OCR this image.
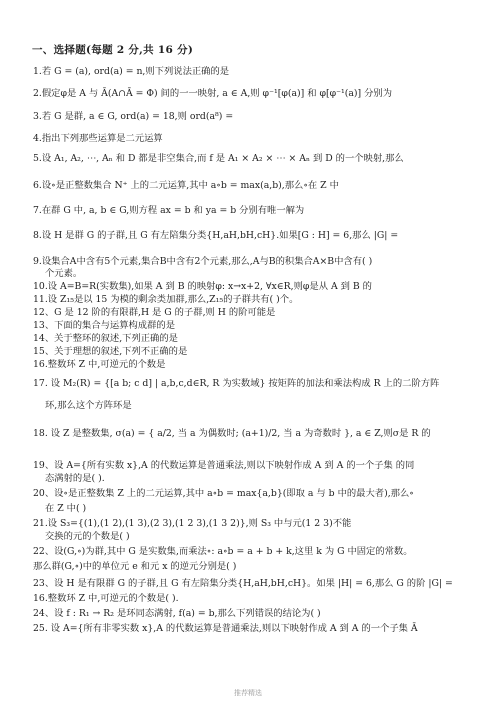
一、选择题(每题 2 分,共 16 分)
1.若 G = (a), ord(a) = n,则下列说法正确的是
2.假定φ是 A 与 Ā(A∩Ā = Φ) 间的一一映射, a ∈ A,则 φ⁻¹[φ(a)] 和 φ[φ⁻¹(a)] 分别为
3.若 G 是群, a ∈ G, ord(a) = 18,则 ord(a⁸) =
4.指出下列那些运算是二元运算
5.设 A₁, A₂, ⋯, Aₙ 和 D 都是非空集合,而 f 是 A₁ × A₂ × ⋯ × Aₙ 到 D 的一个映射,那么
6.设∘是正整数集合 N⁺ 上的二元运算,其中 a∘b = max(a,b),那么∘在 Z 中
7.在群 G 中, a, b ∈ G,则方程 ax = b 和 ya = b 分别有唯一解为
8.设 H 是群 G 的子群,且 G 有左陪集分类{H,aH,bH,cH}.如果[G : H] = 6,那么 |G| =
9.设集合A中含有5个元素,集合B中含有2个元素,那么,A与B的积集合A×B中含有( )
个元素。
10.设 A=B=R(实数集),如果 A 到 B 的映射φ: x→x+2, ∀x∈R,则φ是从 A 到 B 的
11.设 Z₁₅是以 15 为模的剩余类加群,那么,Z₁₅的子群共有( )个。
12、G 是 12 阶的有限群,H 是 G 的子群,则 H 的阶可能是
13、下面的集合与运算构成群的是
14、关于整环的叙述,下列正确的是
15、关于理想的叙述,下列不正确的是
16.整数环 Z 中,可逆元的个数是
17. 设 M₂(R) = {[a b; c d] | a,b,c,d∈R, R 为实数域} 按矩阵的加法和乘法构成 R 上的二阶方阵
环,那么这个方阵环是
18. 设 Z 是整数集, σ(a) = { a/2, 当 a 为偶数时; (a+1)/2, 当 a 为奇数时 }, a ∈ Z,则σ是 R 的
19、设 A={所有实数 x},A 的代数运算是普通乘法,则以下映射作成 A 到 A 的一个子集 的同
态满射的是( ).
20、设∘是正整数集 Z 上的二元运算,其中 a∘b = max{a,b}(即取 a 与 b 中的最大者),那么∘
在 Z 中( )
21.设 S₃={(1),(1 2),(1 3),(2 3),(1 2 3),(1 3 2)},则 S₃ 中与元(1 2 3)不能
交换的元的个数是( )
22、设(G,∘)为群,其中 G 是实数集,而乘法∘: a∘b = a + b + k,这里 k 为 G 中固定的常数。
那么群(G,∘)中的单位元 e 和元 x 的逆元分别是( )
23、设 H 是有限群 G 的子群,且 G 有左陪集分类{H,aH,bH,cH}。如果 |H| = 6,那么 G 的阶 |G| =
16.整数环 Z 中,可逆元的个数是( ).
24、设 f : R₁ → R₂ 是环同态满射, f(a) = b,那么下列错误的结论为( )
25. 设 A={所有非零实数 x},A 的代数运算是普通乘法,则以下映射作成 A 到 A 的一个子集 Ā
推荐精选
